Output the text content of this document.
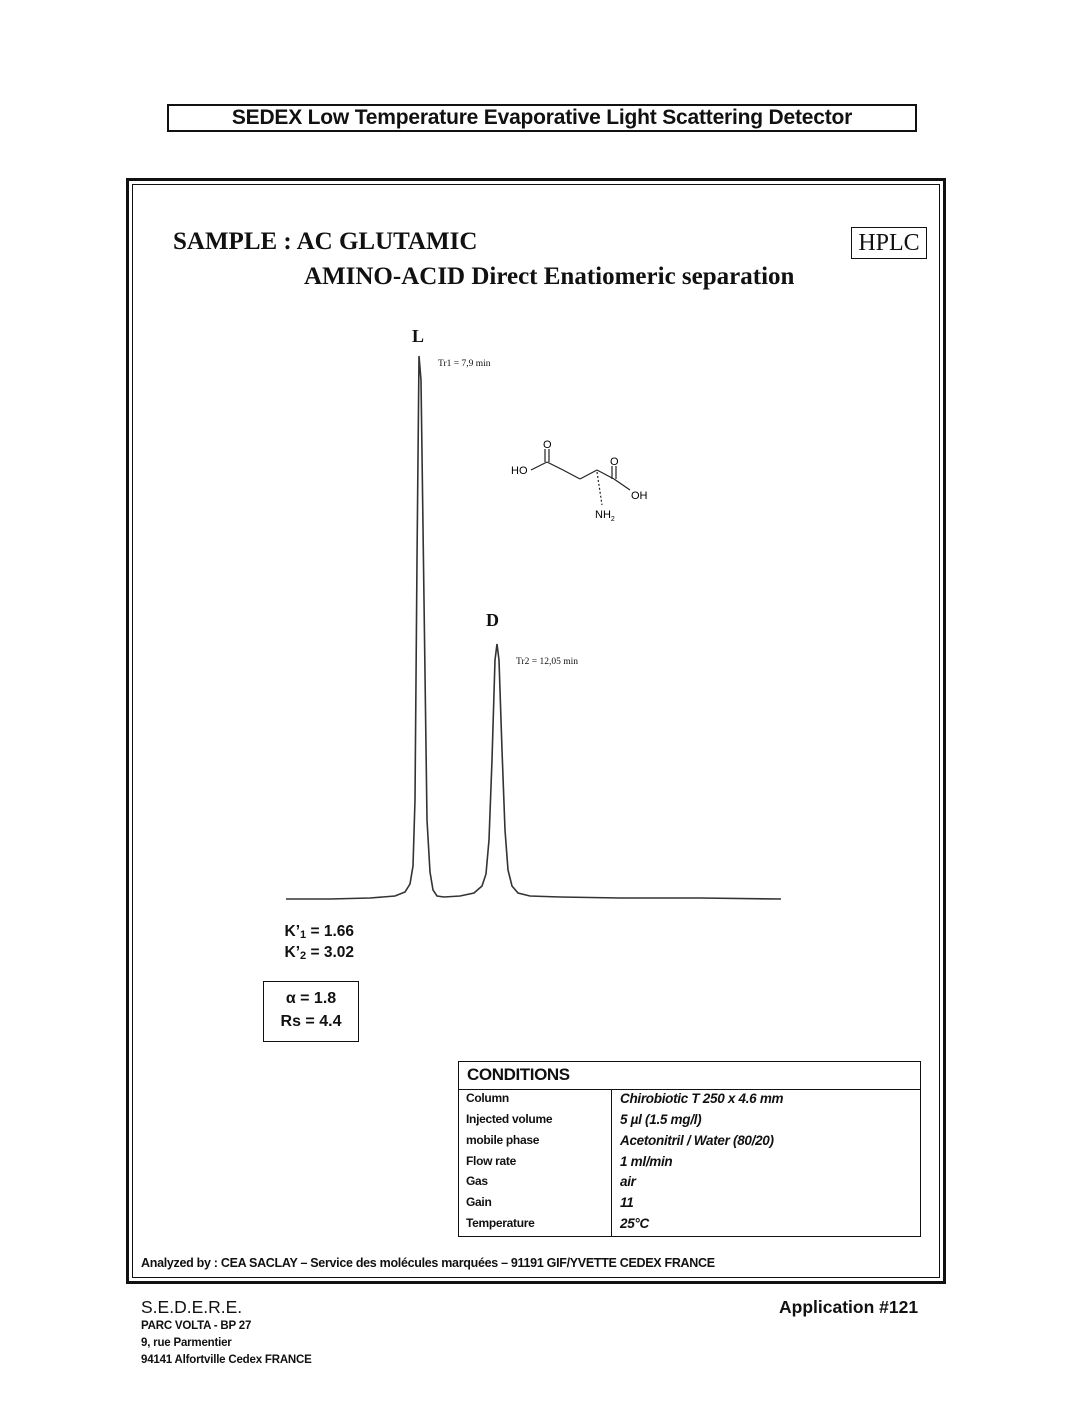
SEDEX Low Temperature Evaporative Light Scattering Detector
SAMPLE : AC GLUTAMIC
AMINO-ACID Direct Enatiomeric separation
HPLC
L
Tr1 = 7,9 min
D
Tr2 = 12,05 min
HO
O
O
OH
$NH_2$
$K’_1 = 1.66$
$K’_2 = 3.02$
α = 1.8
Rs = 4.4
CONDITIONS
Column	Chirobiotic T 250 x 4.6 mm
Injected volume	5 µl (1.5 mg/l)
mobile phase	Acetonitril / Water (80/20)
Flow rate	1 ml/min
Gas	air
Gain	11
Temperature	25°C
Analyzed by : CEA SACLAY – Service des molécules marquées – 91191 GIF/YVETTE CEDEX FRANCE
S.E.D.E.R.E.
PARC VOLTA - BP 27
9, rue Parmentier
94141 Alfortville Cedex FRANCE
Application #121
